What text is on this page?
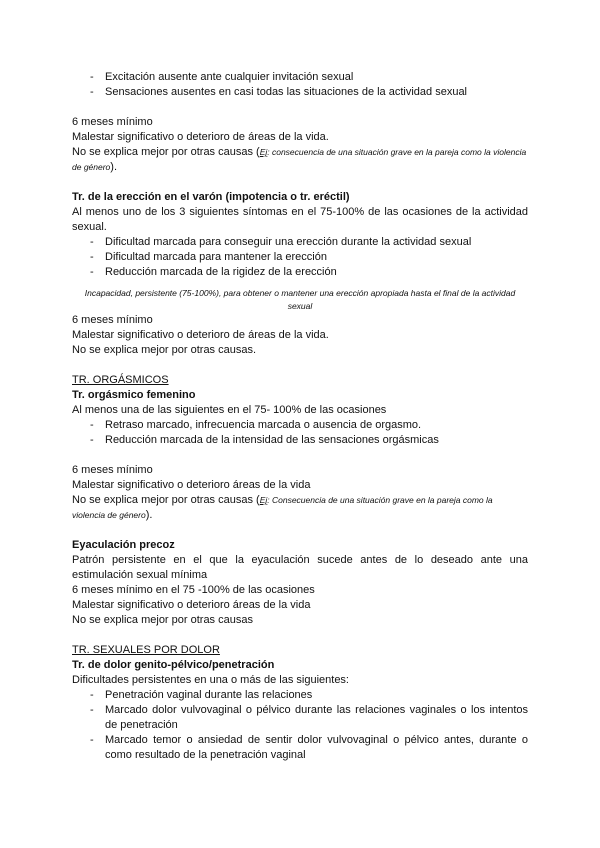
- Excitación ausente ante cualquier invitación sexual
- Sensaciones ausentes en casi todas las situaciones de la actividad sexual

6 meses mínimo

Malestar significativo o deterioro de áreas de la vida.

No se explica mejor por otras causas (Ej: consecuencia de una situación grave en la pareja como la violencia de género).

Tr. de la erección en el varón (impotencia o tr. eréctil)

Al menos uno de los 3 siguientes síntomas en el 75-100% de las ocasiones de la actividad sexual.

- Dificultad marcada para conseguir una erección durante la actividad sexual
- Dificultad marcada para mantener la erección
- Reducción marcada de la rigidez de la erección

Incapacidad, persistente (75-100%), para obtener o mantener una erección apropiada hasta el final de la actividad sexual

6 meses mínimo

Malestar significativo o deterioro de áreas de la vida.

No se explica mejor por otras causas.

TR. ORGÁSMICOS

Tr. orgásmico femenino

Al menos una de las siguientes en el 75- 100% de las ocasiones

- Retraso marcado, infrecuencia marcada o ausencia de orgasmo.
- Reducción marcada de la intensidad de las sensaciones orgásmicas

6 meses mínimo

Malestar significativo o deterioro áreas de la vida

No se explica mejor por otras causas (Ej: Consecuencia de una situación grave en la pareja como la violencia de género).

Eyaculación precoz

Patrón persistente en el que la eyaculación sucede antes de lo deseado ante una estimulación sexual mínima

6 meses mínimo en el 75 -100% de las ocasiones

Malestar significativo o deterioro áreas de la vida

No se explica mejor por otras causas

TR. SEXUALES POR DOLOR

Tr. de dolor genito-pélvico/penetración

Dificultades persistentes en una o más de las siguientes:

- Penetración vaginal durante las relaciones
- Marcado dolor vulvovaginal o pélvico durante las relaciones vaginales o los intentos de penetración
- Marcado temor o ansiedad de sentir dolor vulvovaginal o pélvico antes, durante o como resultado de la penetración vaginal
